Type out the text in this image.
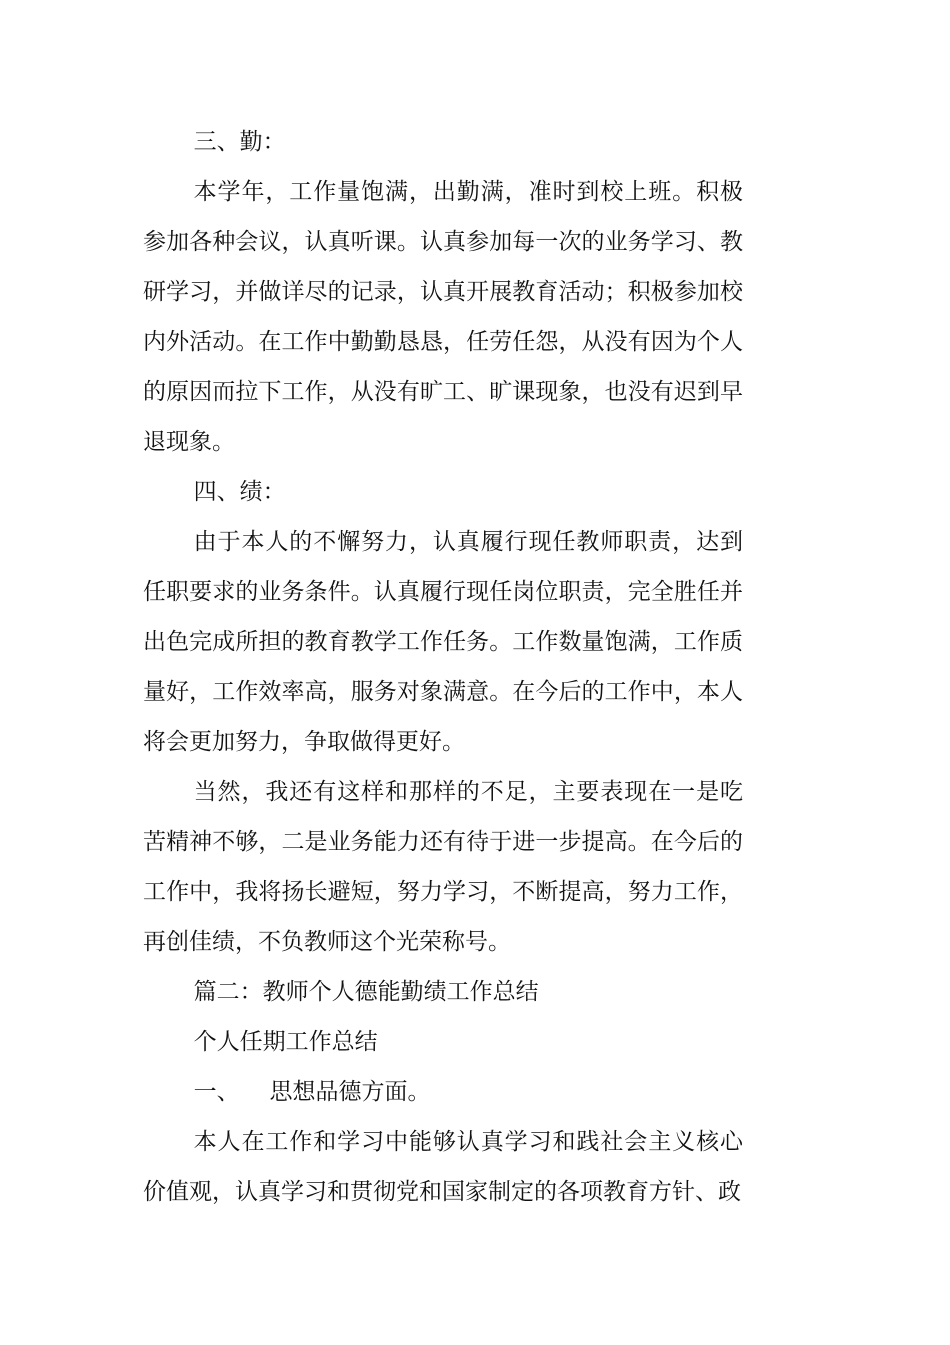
三、勤：

本学年，工作量饱满，出勤满，准时到校上班。积极参加各种会议，认真听课。认真参加每一次的业务学习、教研学习，并做详尽的记录，认真开展教育活动；积极参加校内外活动。在工作中勤勤恳恳，任劳任怨，从没有因为个人的原因而拉下工作，从没有旷工、旷课现象，也没有迟到早退现象。

四、绩：

由于本人的不懈努力，认真履行现任教师职责，达到任职要求的业务条件。认真履行现任岗位职责，完全胜任并出色完成所担的教育教学工作任务。工作数量饱满，工作质量好，工作效率高，服务对象满意。在今后的工作中，本人将会更加努力，争取做得更好。

当然，我还有这样和那样的不足，主要表现在一是吃苦精神不够，二是业务能力还有待于进一步提高。在今后的工作中，我将扬长避短，努力学习，不断提高，努力工作，再创佳绩，不负教师这个光荣称号。

篇二：教师个人德能勤绩工作总结

个人任期工作总结

一、 思想品德方面。

本人在工作和学习中能够认真学习和践社会主义核心价值观，认真学习和贯彻党和国家制定的各项教育方针、政
